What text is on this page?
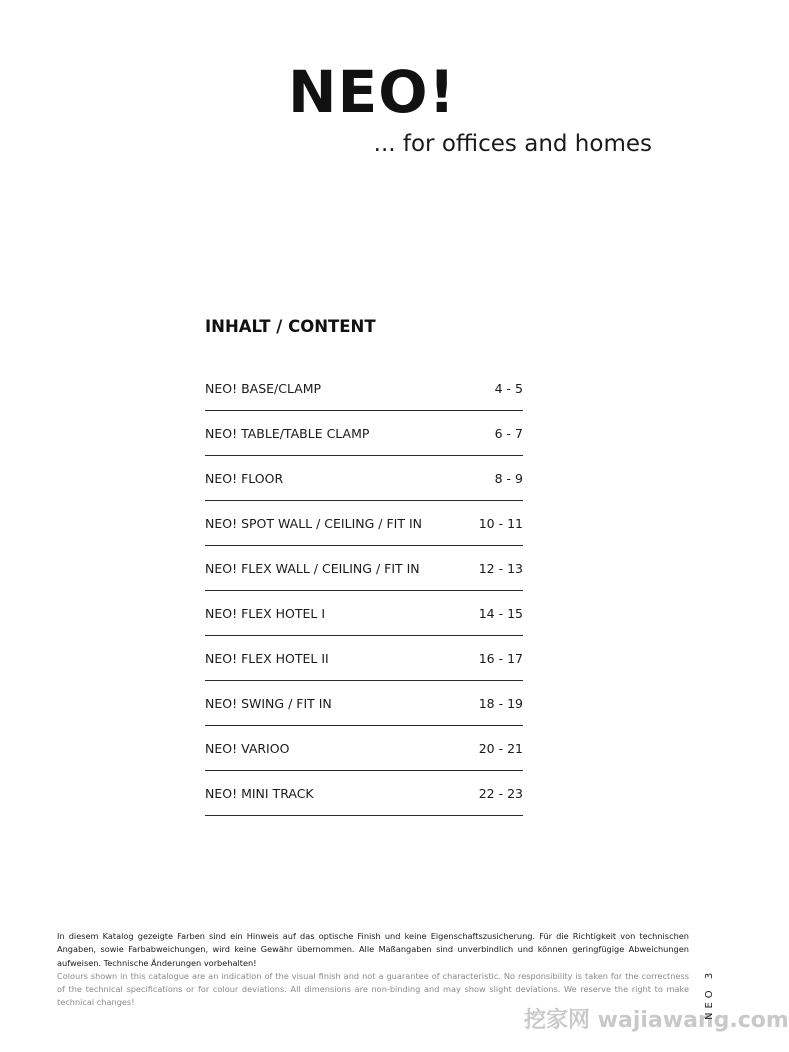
NEO!
... for offices and homes
INHALT / CONTENT
NEO! BASE/CLAMP	4 - 5
NEO! TABLE/TABLE CLAMP	6 - 7
NEO! FLOOR	8 - 9
NEO! SPOT WALL / CEILING / FIT IN	10 - 11
NEO! FLEX WALL / CEILING / FIT IN	12 - 13
NEO! FLEX HOTEL I	14 - 15
NEO! FLEX HOTEL II	16 - 17
NEO! SWING / FIT IN	18 - 19
NEO! VARIOO	20 - 21
NEO! MINI TRACK	22 - 23

In diesem Katalog gezeigte Farben sind ein Hinweis auf das optische Finish und keine Eigenschaftszusicherung. Für die Richtigkeit von technischen Angaben, sowie Farbabweichungen, wird keine Gewähr übernommen. Alle Maßangaben sind unverbindlich und können geringfügige Abweichungen aufweisen. Technische Änderungen vorbehalten!

Colours shown in this catalogue are an indication of the visual finish and not a guarantee of characteristic. No responsibility is taken for the correctness of the technical specifications or for colour deviations. All dimensions are non-binding and may show slight deviations. We reserve the right to make technical changes!

挖家网 wajiawang.com
NEO 3
